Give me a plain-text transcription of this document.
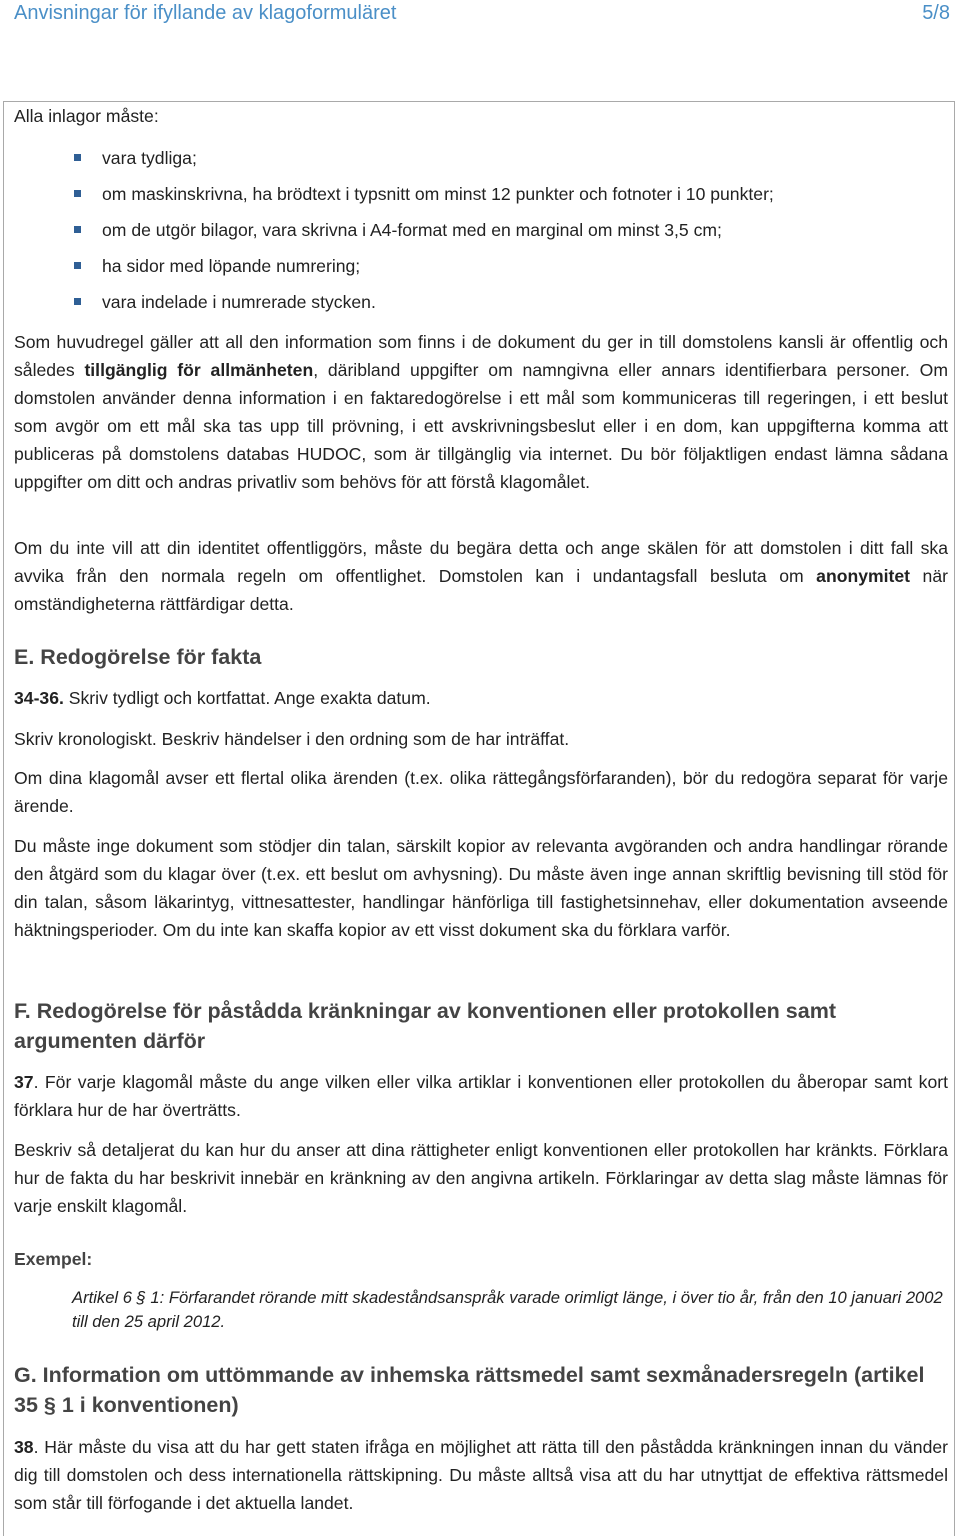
Anvisningar för ifyllande av klagoformuläret	5/8
Alla inlagor måste:
vara tydliga;
om maskinskrivna, ha brödtext i typsnitt om minst 12 punkter och fotnoter i 10 punkter;
om de utgör bilagor, vara skrivna i A4-format med en marginal om minst 3,5 cm;
ha sidor med löpande numrering;
vara indelade i numrerade stycken.
Som huvudregel gäller att all den information som finns i de dokument du ger in till domstolens kansli är offentlig och således tillgänglig för allmänheten, däribland uppgifter om namngivna eller annars identifierbara personer. Om domstolen använder denna information i en faktaredogörelse i ett mål som kommuniceras till regeringen, i ett beslut som avgör om ett mål ska tas upp till prövning, i ett avskrivningsbeslut eller i en dom, kan uppgifterna komma att publiceras på domstolens databas HUDOC, som är tillgänglig via internet. Du bör följaktligen endast lämna sådana uppgifter om ditt och andras privatliv som behövs för att förstå klagomålet.
Om du inte vill att din identitet offentliggörs, måste du begära detta och ange skälen för att domstolen i ditt fall ska avvika från den normala regeln om offentlighet. Domstolen kan i undantagsfall besluta om anonymitet när omständigheterna rättfärdigar detta.
E. Redogörelse för fakta
34-36. Skriv tydligt och kortfattat. Ange exakta datum.
Skriv kronologiskt. Beskriv händelser i den ordning som de har inträffat.
Om dina klagomål avser ett flertal olika ärenden (t.ex. olika rättegångsförfaranden), bör du redogöra separat för varje ärende.
Du måste inge dokument som stödjer din talan, särskilt kopior av relevanta avgöranden och andra handlingar rörande den åtgärd som du klagar över (t.ex. ett beslut om avhysning). Du måste även inge annan skriftlig bevisning till stöd för din talan, såsom läkarintyg, vittnesattester, handlingar hänförliga till fastighetsinnehav, eller dokumentation avseende häktningsperioder. Om du inte kan skaffa kopior av ett visst dokument ska du förklara varför.
F. Redogörelse för påstådda kränkningar av konventionen eller protokollen samt argumenten därför
37. För varje klagomål måste du ange vilken eller vilka artiklar i konventionen eller protokollen du åberopar samt kort förklara hur de har överträtts.
Beskriv så detaljerat du kan hur du anser att dina rättigheter enligt konventionen eller protokollen har kränkts. Förklara hur de fakta du har beskrivit innebär en kränkning av den angivna artikeln. Förklaringar av detta slag måste lämnas för varje enskilt klagomål.
Exempel:
Artikel 6 § 1: Förfarandet rörande mitt skadeståndsanspråk varade orimligt länge, i över tio år, från den 10 januari 2002 till den 25 april 2012.
G. Information om uttömmande av inhemska rättsmedel samt sexmånadersregeln (artikel 35 § 1 i konventionen)
38. Här måste du visa att du har gett staten ifråga en möjlighet att rätta till den påstådda kränkningen innan du vänder dig till domstolen och dess internationella rättskipning. Du måste alltså visa att du har utnyttjat de effektiva rättsmedel som står till förfogande i det aktuella landet.
